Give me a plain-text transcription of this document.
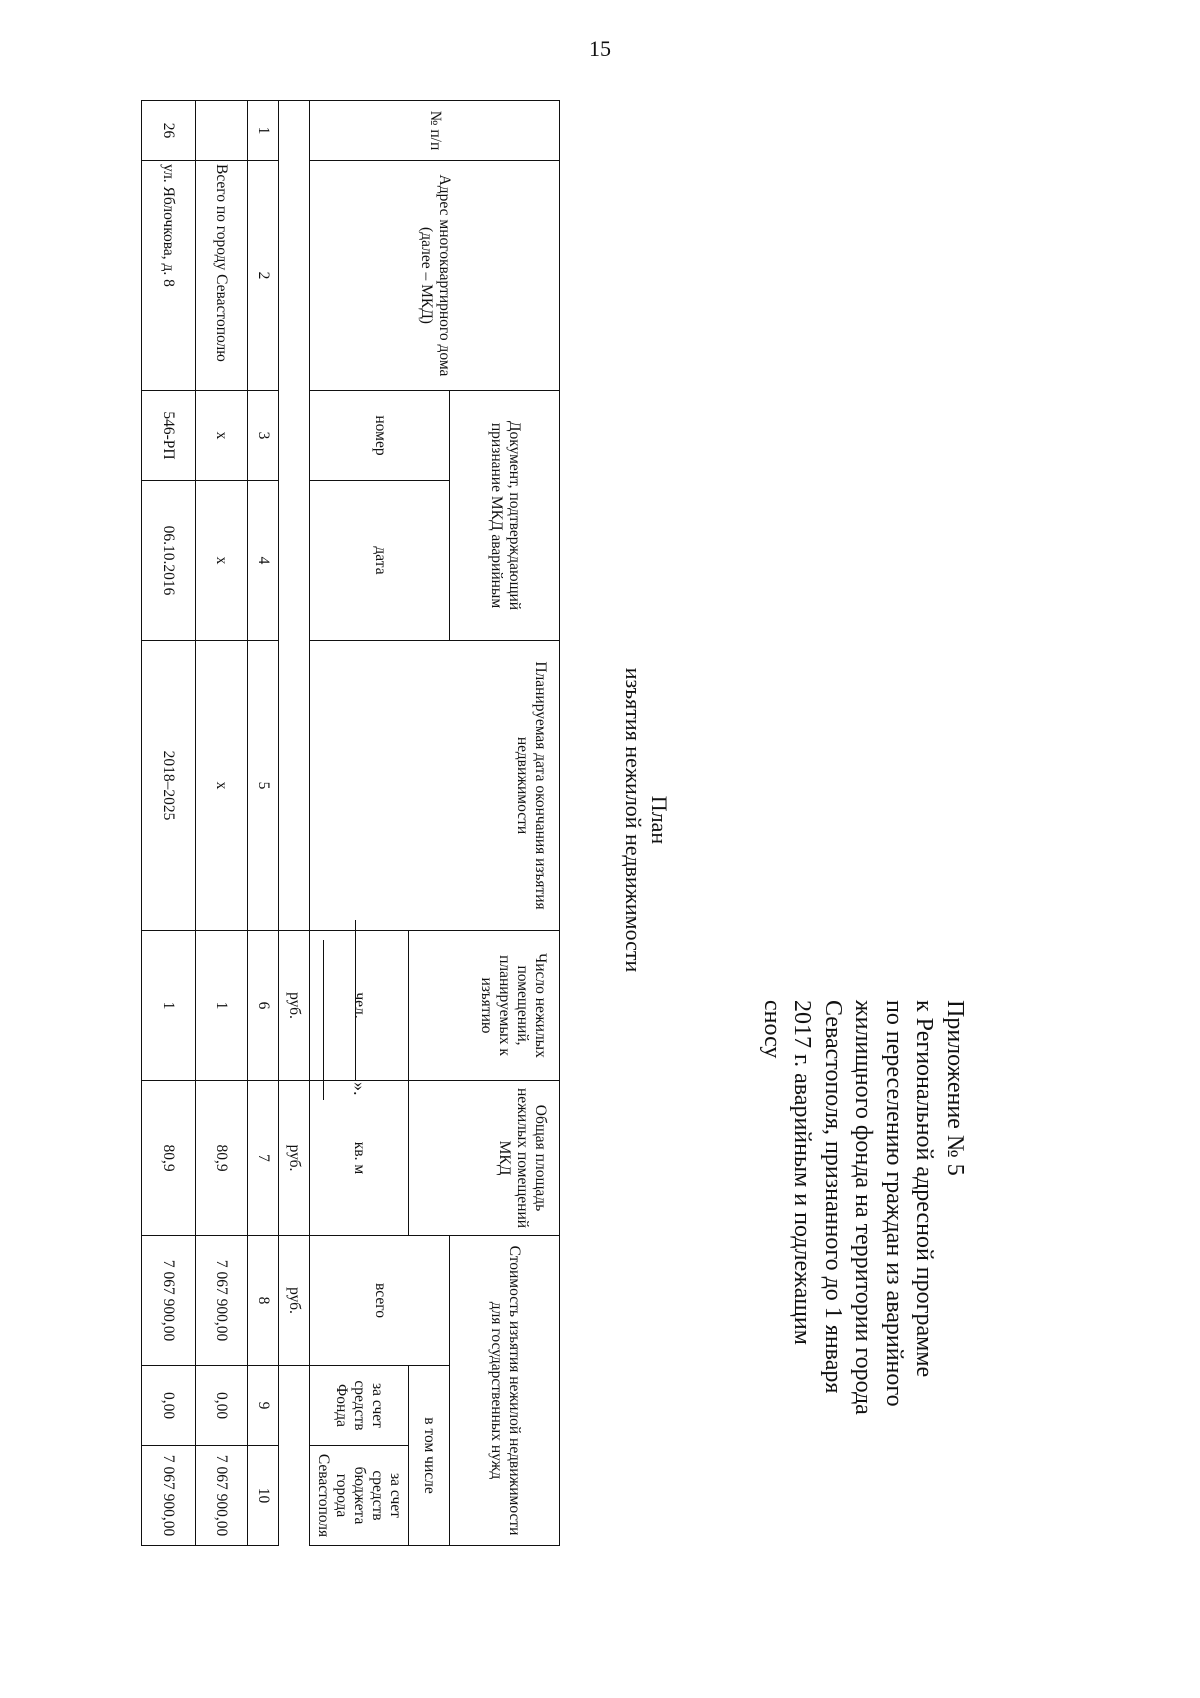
15
Приложение № 5
к Региональной адресной программе
по переселению граждан из аварийного
жилищного фонда на территории города
Севастополя, признанного до 1 января
2017 г. аварийным и подлежащим
сносу
План
изъятия нежилой недвижимости
№ п/п	Адрес многоквартирного дома (далее – МКД)	Документ, подтверждающий признание МКД аварийным		Планируемая дата окончания изъятия недвижимости	Число нежилых помещений, планируемых к изъятию	Общая площадь нежилых помещений МКД	Стоимость изъятия нежилой недвижимости для государственных нужд		
		номер	дата				всего	в том числе	
					чел.	кв. м		за счет средств Фонда	за счет средств бюджета города Севастополя
					руб.	руб.	руб.		
1	2	3	4	5	6	7	8	9	10
	Всего по городу Севастополю	x	x	x	1	80,9	7 067 900,00	0,00	7 067 900,00
26	ул. Яблочкова, д. 8	546-РП	06.10.2016	2018–2025	1	80,9	7 067 900,00	0,00	7 067 900,00
».
